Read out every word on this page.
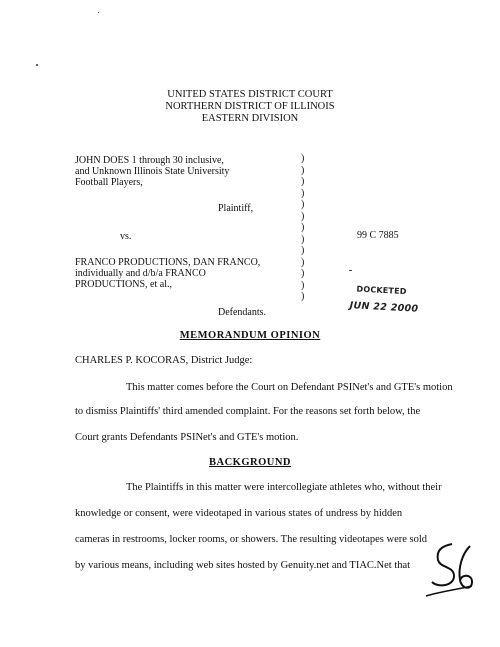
UNITED STATES DISTRICT COURT
NORTHERN DISTRICT OF ILLINOIS
EASTERN DIVISION
JOHN DOES 1 through 30 inclusive,
and Unknown Illinois State University
Football Players,
Plaintiff,
vs.
FRANCO PRODUCTIONS, DAN FRANCO,
individually and d/b/a FRANCO
PRODUCTIONS, et al.,
Defendants.
)
)
)
)
)
)
)
)
)
)
)
)
)
99 C 7885
DOCKETED
JUN 22 2000
MEMORANDUM OPINION
CHARLES P. KOCORAS, District Judge:
This matter comes before the Court on Defendant PSINet's and GTE's motion
to dismiss Plaintiffs' third amended complaint. For the reasons set forth below, the
Court grants Defendants PSINet's and GTE's motion.
BACKGROUND
The Plaintiffs in this matter were intercollegiate athletes who, without their
knowledge or consent, were videotaped in various states of undress by hidden
cameras in restrooms, locker rooms, or showers. The resulting videotapes were sold
by various means, including web sites hosted by Genuity.net and TIAC.Net that
